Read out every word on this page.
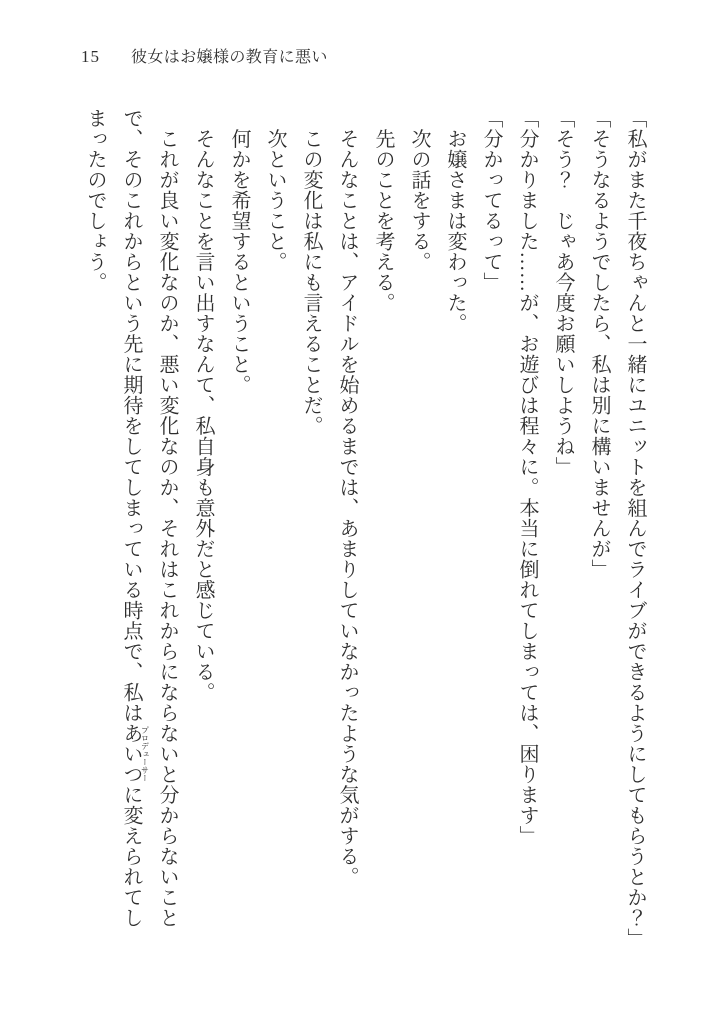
15 彼女はお嬢様の教育に悪い

「私がまた千夜ちゃんと一緒にユニットを組んでライブができるようにしてもらうとか？」

「そうなるようでしたら、私は別に構いませんが」

「そう？　じゃあ今度お願いしようね」

「分かりました……が、お遊びは程々に。本当に倒れてしまっては、困ります」

「分かってるって」

　お嬢さまは変わった。

　次の話をする。

　先のことを考える。

　そんなことは、アイドルを始めるまでは、あまりしていなかったような気がする。

　この変化は私にも言えることだ。

　次ということ。

　何かを希望するということ。

　そんなことを言い出すなんて、私自身も意外だと感じている。

　これが良い変化なのか、悪い変化なのか、それはこれからにならないと分からないこと

で、そのこれからという先に期待をしてしまっている時点で、私はあいつプロデューサーに変えられてし

まったのでしょう。
